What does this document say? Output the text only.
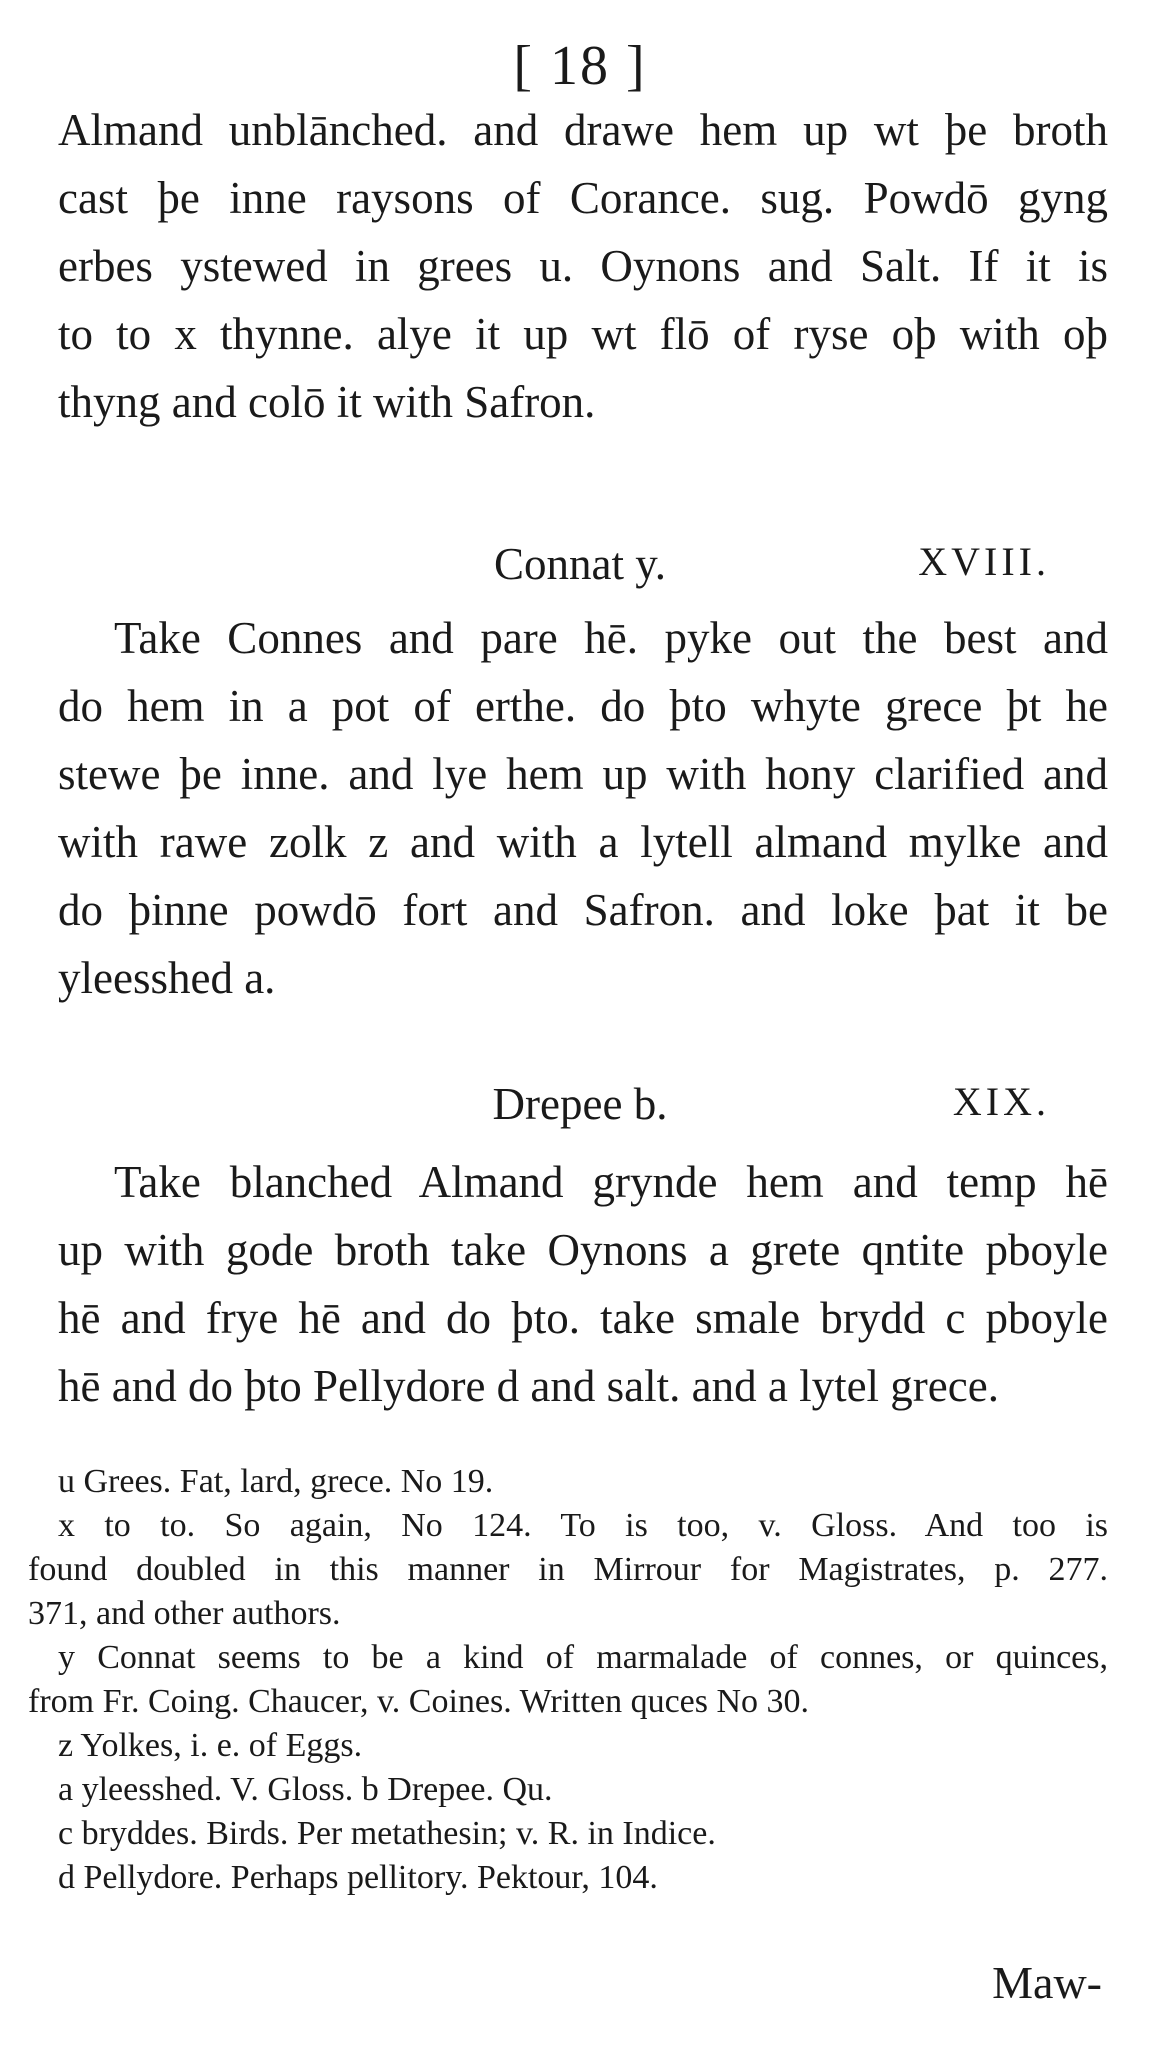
[ 18 ]
Almand unblānched. and drawe hem up wt þe broth
cast þe inne raysons of Corance. sug. Powdō gyng
erbes ystewed in grees u. Oynons and Salt. If it is
to to x thynne. alye it up wt flō of ryse oþ with oþ
thyng and colō it with Safron.
Connat y.	XVIII.
Take Connes and pare hē. pyke out the best and
do hem in a pot of erthe. do þto whyte grece þt he
stewe þe inne. and lye hem up with hony clarified and
with rawe zolk z and with a lytell almand mylke and
do þinne powdō fort and Safron. and loke þat it be
yleesshed a.
Drepee b.	XIX.
Take blanched Almand grynde hem and temp hē
up with gode broth take Oynons a grete qntite pboyle
hē and frye hē and do þto. take smale brydd c pboyle
hē and do þto Pellydore d and salt. and a lytel grece.
u Grees. Fat, lard, grece. No 19.
x to to. So again, No 124. To is too, v. Gloss. And too is
found doubled in this manner in Mirrour for Magistrates, p. 277.
371, and other authors.
y Connat seems to be a kind of marmalade of connes, or quinces,
from Fr. Coing. Chaucer, v. Coines. Written quces No 30.
z Yolkes, i. e. of Eggs.
a yleesshed. V. Gloss. b Drepee. Qu.
c bryddes. Birds. Per metathesin; v. R. in Indice.
d Pellydore. Perhaps pellitory. Pektour, 104.
Maw-
